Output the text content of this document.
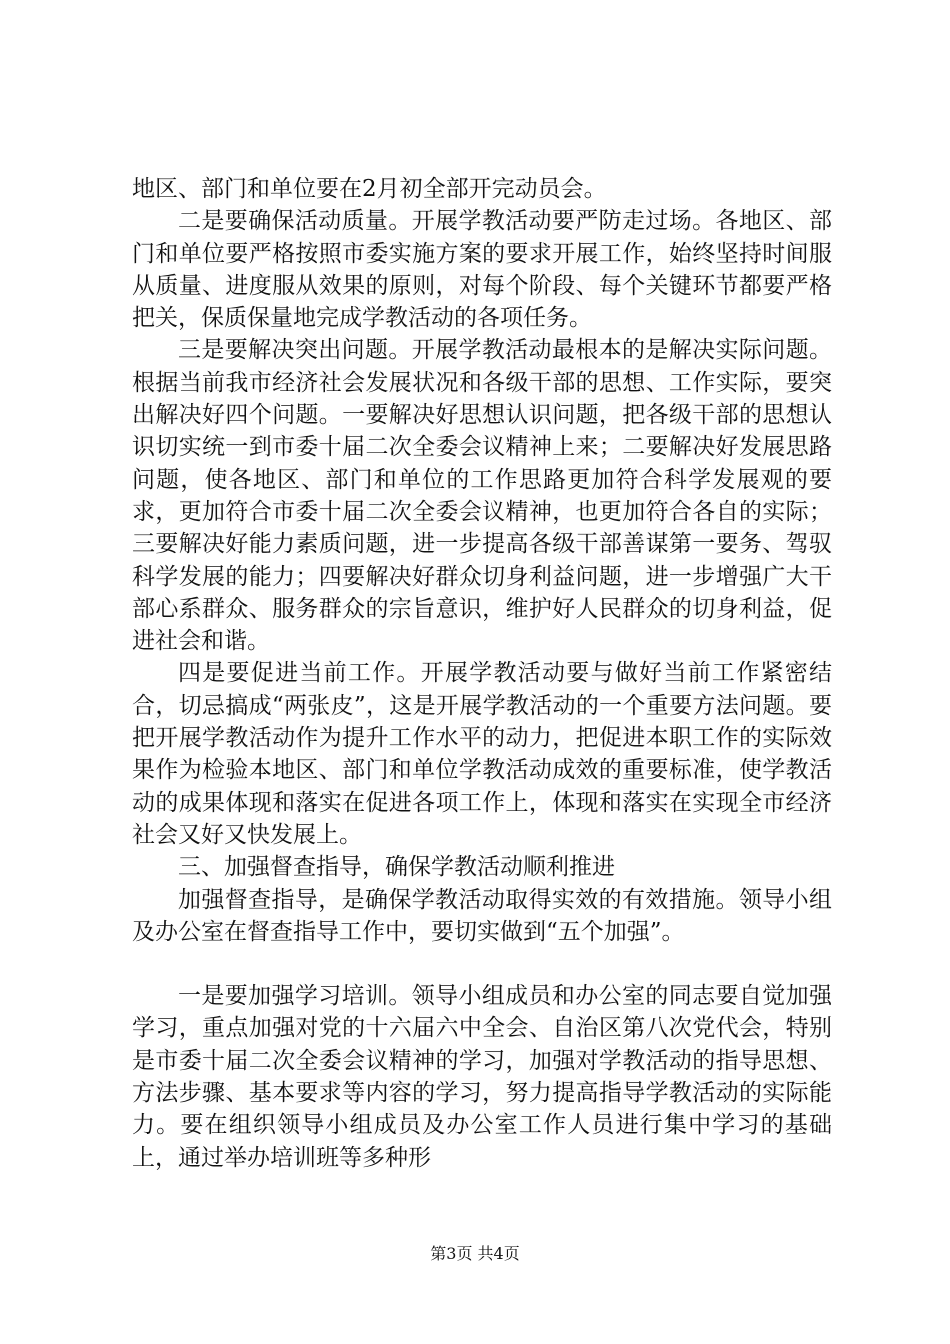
地区、部门和单位要在2月初全部开完动员会。

二是要确保活动质量。开展学教活动要严防走过场。各地区、部门和单位要严格按照市委实施方案的要求开展工作，始终坚持时间服从质量、进度服从效果的原则，对每个阶段、每个关键环节都要严格把关，保质保量地完成学教活动的各项任务。

三是要解决突出问题。开展学教活动最根本的是解决实际问题。根据当前我市经济社会发展状况和各级干部的思想、工作实际，要突出解决好四个问题。一要解决好思想认识问题，把各级干部的思想认识切实统一到市委十届二次全委会议精神上来；二要解决好发展思路问题，使各地区、部门和单位的工作思路更加符合科学发展观的要求，更加符合市委十届二次全委会议精神，也更加符合各自的实际；三要解决好能力素质问题，进一步提高各级干部善谋第一要务、驾驭科学发展的能力；四要解决好群众切身利益问题，进一步增强广大干部心系群众、服务群众的宗旨意识，维护好人民群众的切身利益，促进社会和谐。

四是要促进当前工作。开展学教活动要与做好当前工作紧密结合，切忌搞成“两张皮”，这是开展学教活动的一个重要方法问题。要把开展学教活动作为提升工作水平的动力，把促进本职工作的实际效果作为检验本地区、部门和单位学教活动成效的重要标准，使学教活动的成果体现和落实在促进各项工作上，体现和落实在实现全市经济社会又好又快发展上。

三、加强督查指导，确保学教活动顺利推进

加强督查指导，是确保学教活动取得实效的有效措施。领导小组及办公室在督查指导工作中，要切实做到“五个加强”。

一是要加强学习培训。领导小组成员和办公室的同志要自觉加强学习，重点加强对党的十六届六中全会、自治区第八次党代会，特别是市委十届二次全委会议精神的学习，加强对学教活动的指导思想、方法步骤、基本要求等内容的学习，努力提高指导学教活动的实际能力。要在组织领导小组成员及办公室工作人员进行集中学习的基础上，通过举办培训班等多种形

第3页 共4页
